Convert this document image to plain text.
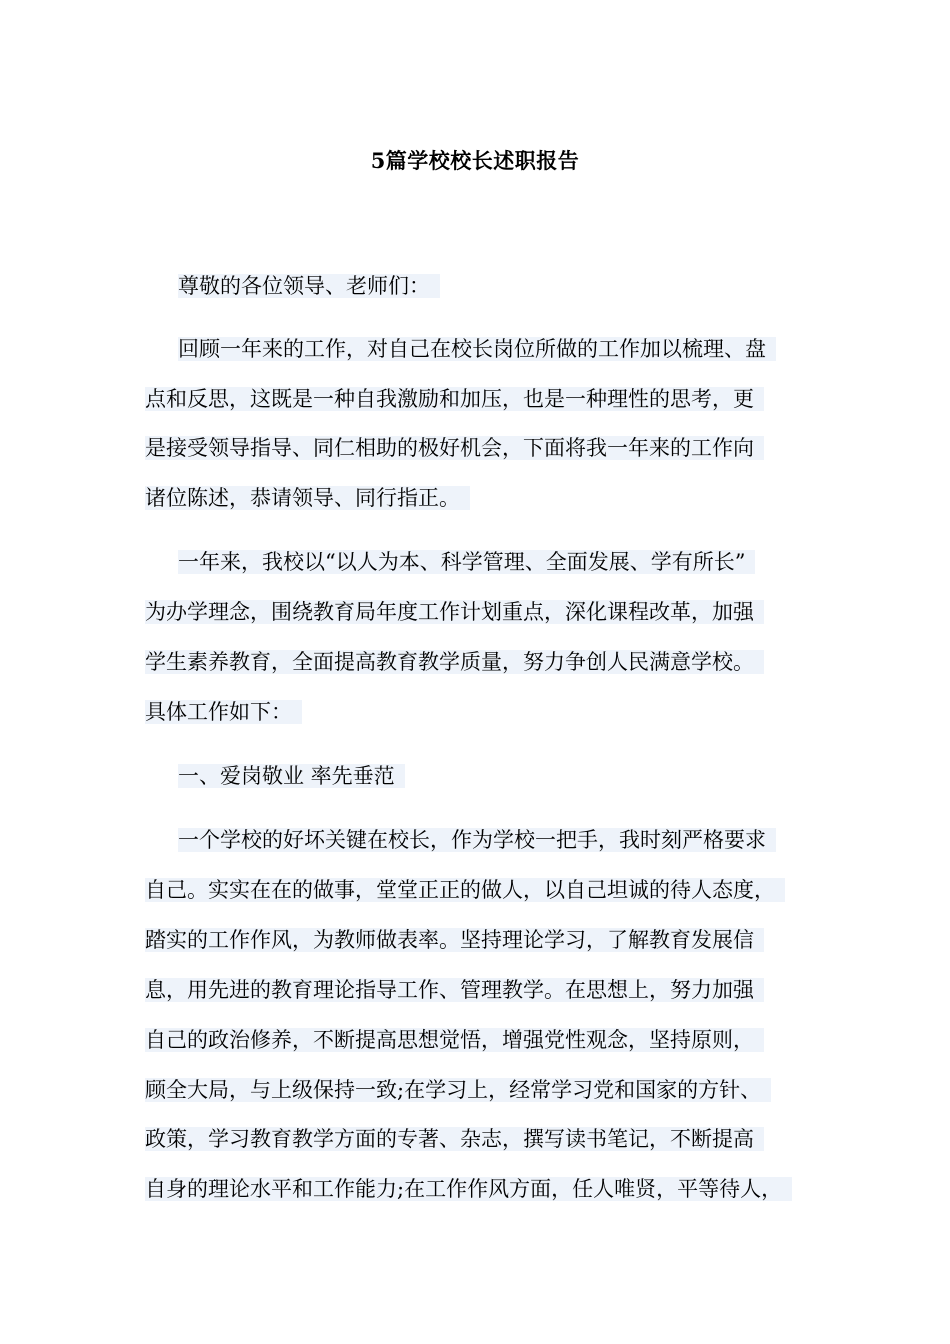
5篇学校校长述职报告
尊敬的各位领导、老师们：
回顾一年来的工作，对自己在校长岗位所做的工作加以梳理、盘
点和反思，这既是一种自我激励和加压，也是一种理性的思考，更
是接受领导指导、同仁相助的极好机会，下面将我一年来的工作向
诸位陈述，恭请领导、同行指正。
一年来，我校以“以人为本、科学管理、全面发展、学有所长”
为办学理念，围绕教育局年度工作计划重点，深化课程改革，加强
学生素养教育，全面提高教育教学质量，努力争创人民满意学校。
具体工作如下：
一、爱岗敬业 率先垂范
一个学校的好坏关键在校长，作为学校一把手，我时刻严格要求
自己。实实在在的做事，堂堂正正的做人，以自己坦诚的待人态度，
踏实的工作作风，为教师做表率。坚持理论学习，了解教育发展信
息，用先进的教育理论指导工作、管理教学。在思想上，努力加强
自己的政治修养，不断提高思想觉悟，增强党性观念，坚持原则，
顾全大局，与上级保持一致;在学习上，经常学习党和国家的方针、
政策，学习教育教学方面的专著、杂志，撰写读书笔记，不断提高
自身的理论水平和工作能力;在工作作风方面，任人唯贤，平等待人，
